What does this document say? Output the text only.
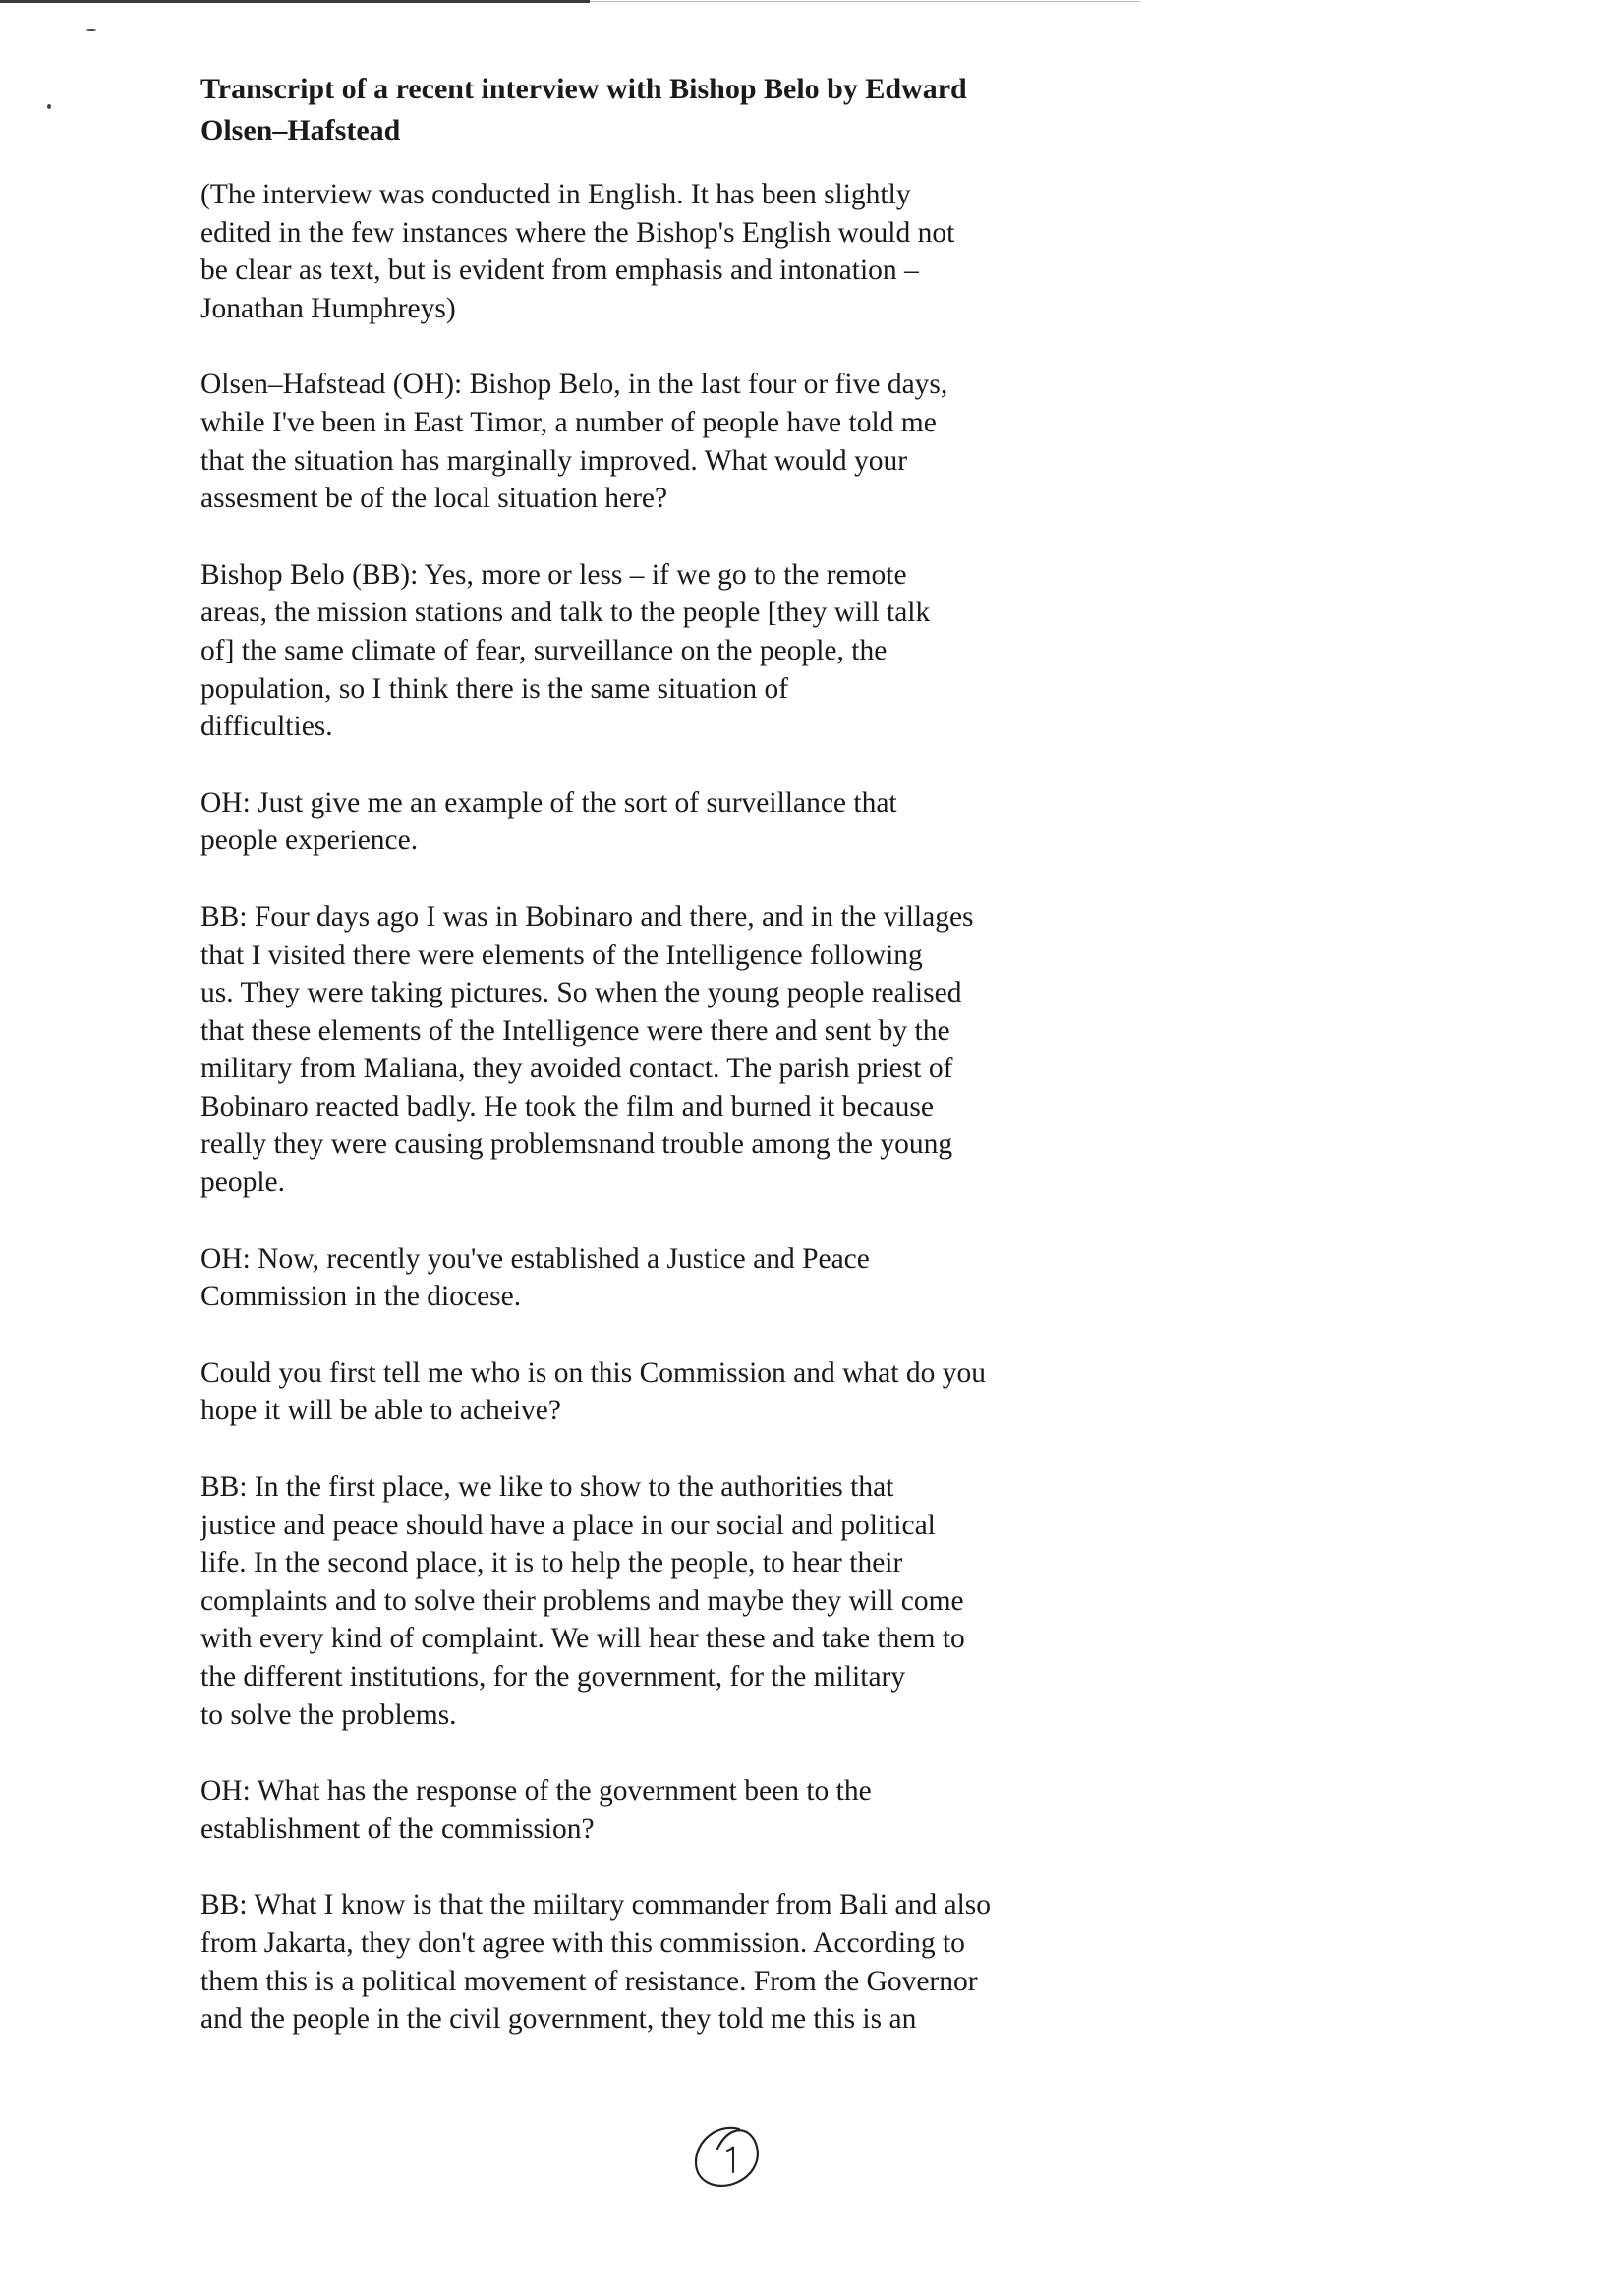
Transcript of a recent interview with Bishop Belo by Edward
Olsen–Hafstead
(The interview was conducted in English. It has been slightly
edited in the few instances where the Bishop's English would not
be clear as text, but is evident from emphasis and intonation –
Jonathan Humphreys)
Olsen–Hafstead (OH): Bishop Belo, in the last four or five days,
while I've been in East Timor, a number of people have told me
that the situation has marginally improved. What would your
assesment be of the local situation here?
Bishop Belo (BB): Yes, more or less – if we go to the remote
areas, the mission stations and talk to the people [they will talk
of] the same climate of fear, surveillance on the people, the
population, so I think there is the same situation of
difficulties.
OH: Just give me an example of the sort of surveillance that
people experience.
BB: Four days ago I was in Bobinaro and there, and in the villages
that I visited there were elements of the Intelligence following
us. They were taking pictures. So when the young people realised
that these elements of the Intelligence were there and sent by the
military from Maliana, they avoided contact. The parish priest of
Bobinaro reacted badly. He took the film and burned it because
really they were causing problemsnand trouble among the young
people.
OH: Now, recently you've established a Justice and Peace
Commission in the diocese.
Could you first tell me who is on this Commission and what do you
hope it will be able to acheive?
BB: In the first place, we like to show to the authorities that
justice and peace should have a place in our social and political
life. In the second place, it is to help the people, to hear their
complaints and to solve their problems and maybe they will come
with every kind of complaint. We will hear these and take them to
the different institutions, for the government, for the military
to solve the problems.
OH: What has the response of the government been to the
establishment of the commission?
BB: What I know is that the miiltary commander from Bali and also
from Jakarta, they don't agree with this commission. According to
them this is a political movement of resistance. From the Governor
and the people in the civil government, they told me this is an
